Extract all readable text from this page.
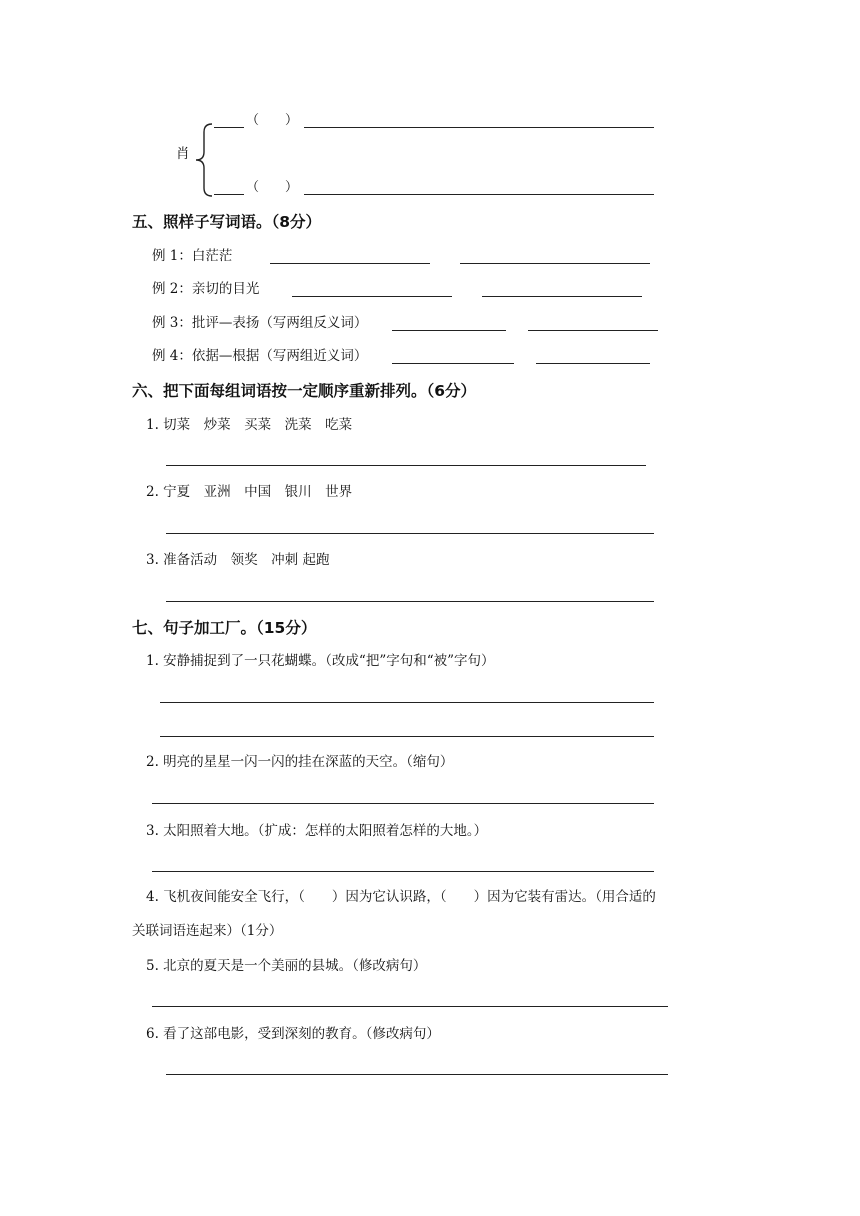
肖
（　　）
（　　）
五、照样子写词语。（8分）
例 1：白茫茫
例 2：亲切的目光
例 3：批评—表扬（写两组反义词）
例 4：依据—根据（写两组近义词）
六、把下面每组词语按一定顺序重新排列。（6分）
1. 切菜　炒菜　买菜　洗菜　吃菜
2. 宁夏　亚洲　中国　银川　世界
3. 准备活动　领奖　冲刺 起跑
七、句子加工厂。（15分）
1. 安静捕捉到了一只花蝴蝶。（改成“把”字句和“被”字句）
2. 明亮的星星一闪一闪的挂在深蓝的天空。（缩句）
3. 太阳照着大地。（扩成：怎样的太阳照着怎样的大地。）
4. 飞机夜间能安全飞行，（　　）因为它认识路，（　　）因为它装有雷达。（用合适的
关联词语连起来）（1分）
5. 北京的夏天是一个美丽的县城。（修改病句）
6. 看了这部电影，受到深刻的教育。（修改病句）
